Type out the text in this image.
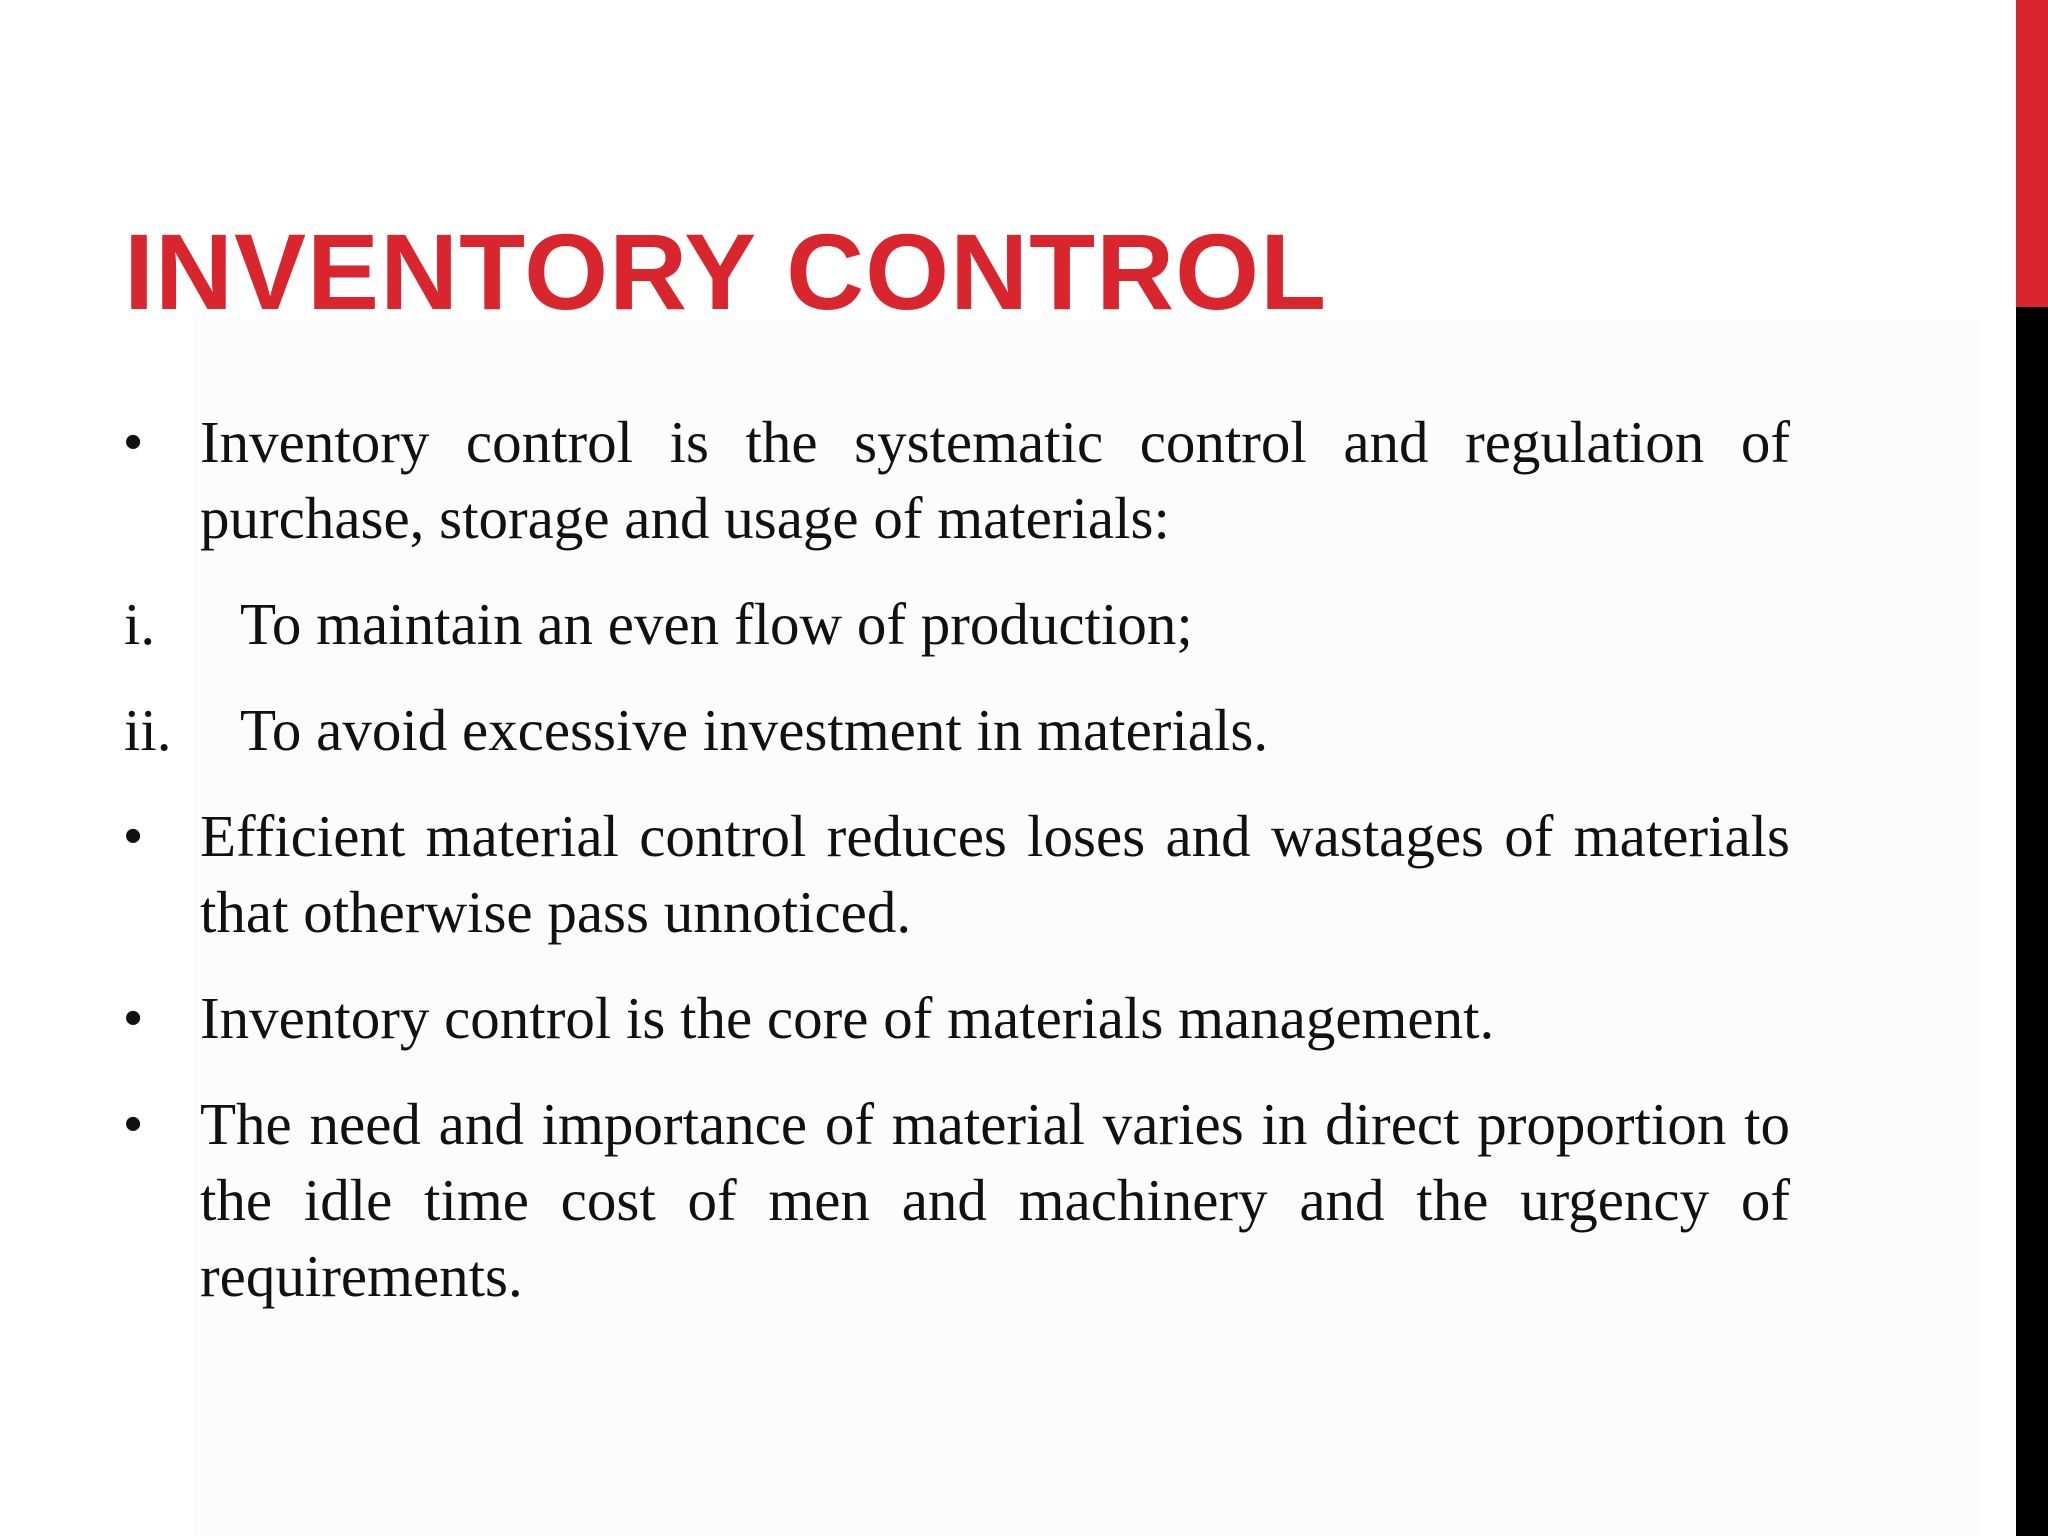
INVENTORY CONTROL
• Inventory control is the systematic control and regulation of purchase, storage and usage of materials:
i. To maintain an even flow of production;
ii. To avoid excessive investment in materials.
• Efficient material control reduces loses and wastages of materials that otherwise pass unnoticed.
• Inventory control is the core of materials management.
• The need and importance of material varies in direct proportion to the idle time cost of men and machinery and the urgency of requirements.
